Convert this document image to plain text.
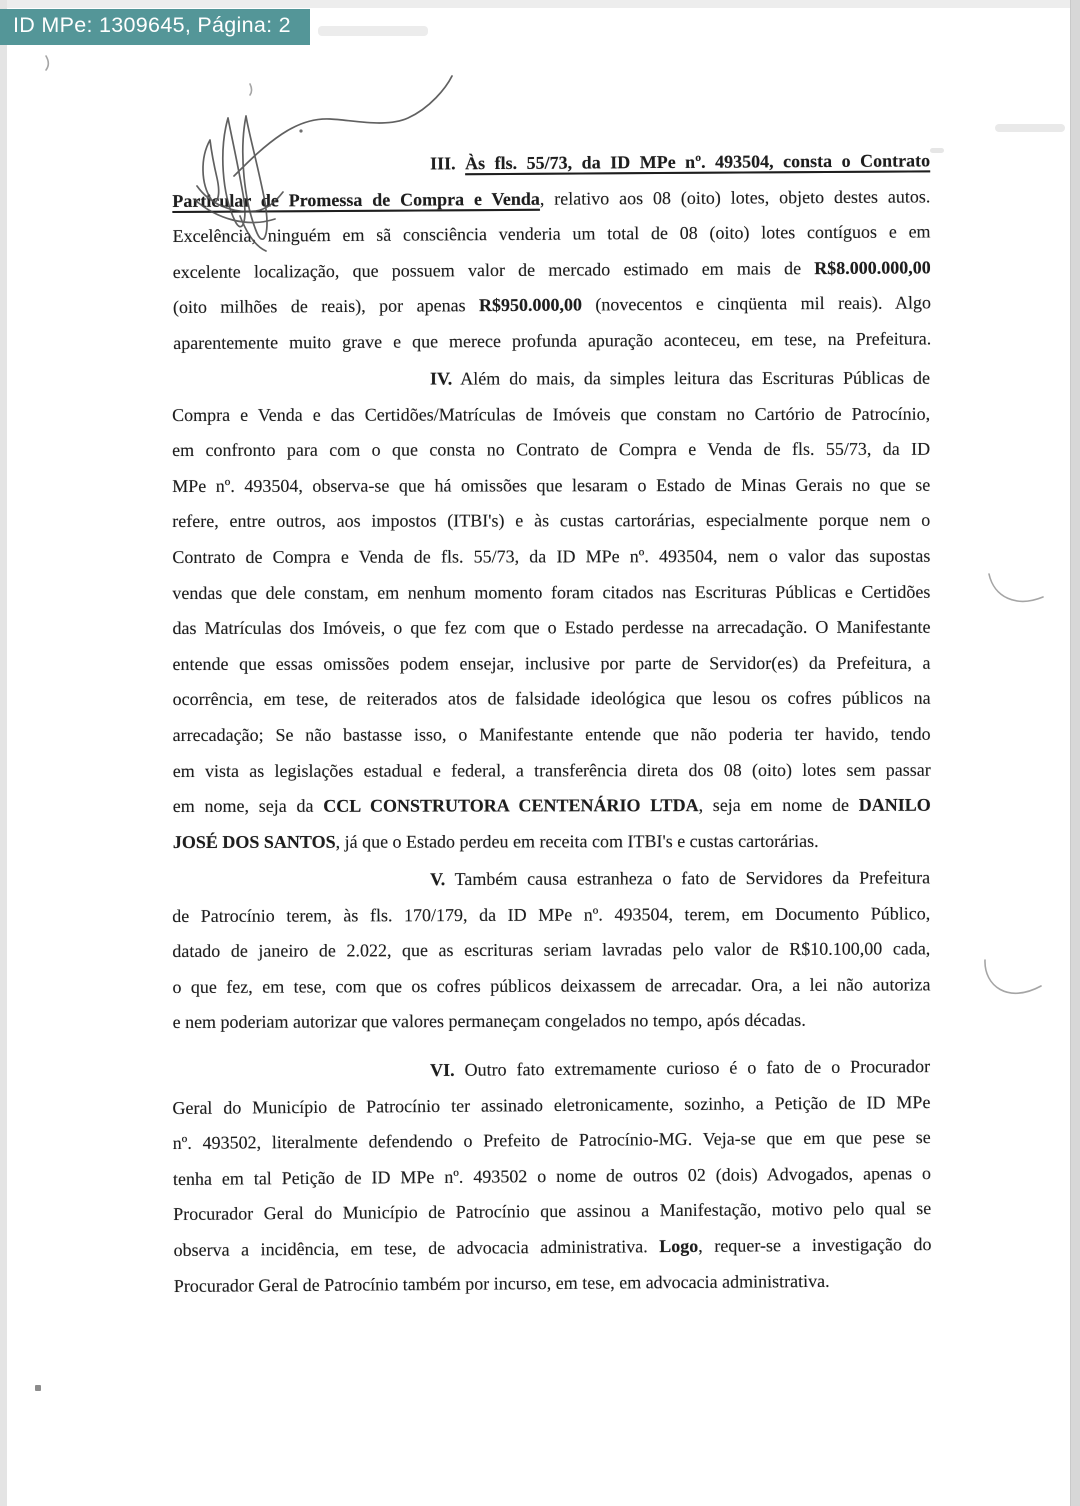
ID MPe: 1309645, Página: 2
III. Às fls. 55/73, da ID MPe nº. 493504, consta o Contrato
Particular de Promessa de Compra e Venda, relativo aos 08 (oito) lotes, objeto destes autos.
Excelência, ninguém em sã consciência venderia um total de 08 (oito) lotes contíguos e em
excelente localização, que possuem valor de mercado estimado em mais de R$8.000.000,00
(oito milhões de reais), por apenas R$950.000,00 (novecentos e cinqüenta mil reais). Algo
aparentemente muito grave e que merece profunda apuração aconteceu, em tese, na Prefeitura.
IV. Além do mais, da simples leitura das Escrituras Públicas de
Compra e Venda e das Certidões/Matrículas de Imóveis que constam no Cartório de Patrocínio,
em confronto para com o que consta no Contrato de Compra e Venda de fls. 55/73, da ID
MPe nº. 493504, observa-se que há omissões que lesaram o Estado de Minas Gerais no que se
refere, entre outros, aos impostos (ITBI's) e às custas cartorárias, especialmente porque nem o
Contrato de Compra e Venda de fls. 55/73, da ID MPe nº. 493504, nem o valor das supostas
vendas que dele constam, em nenhum momento foram citados nas Escrituras Públicas e Certidões
das Matrículas dos Imóveis, o que fez com que o Estado perdesse na arrecadação. O Manifestante
entende que essas omissões podem ensejar, inclusive por parte de Servidor(es) da Prefeitura, a
ocorrência, em tese, de reiterados atos de falsidade ideológica que lesou os cofres públicos na
arrecadação; Se não bastasse isso, o Manifestante entende que não poderia ter havido, tendo
em vista as legislações estadual e federal, a transferência direta dos 08 (oito) lotes sem passar
em nome, seja da CCL CONSTRUTORA CENTENÁRIO LTDA, seja em nome de DANILO
JOSÉ DOS SANTOS, já que o Estado perdeu em receita com ITBI's e custas cartorárias.
V. Também causa estranheza o fato de Servidores da Prefeitura
de Patrocínio terem, às fls. 170/179, da ID MPe nº. 493504, terem, em Documento Público,
datado de janeiro de 2.022, que as escrituras seriam lavradas pelo valor de R$10.100,00 cada,
o que fez, em tese, com que os cofres públicos deixassem de arrecadar. Ora, a lei não autoriza
e nem poderiam autorizar que valores permaneçam congelados no tempo, após décadas.
VI. Outro fato extremamente curioso é o fato de o Procurador
Geral do Município de Patrocínio ter assinado eletronicamente, sozinho, a Petição de ID MPe
nº. 493502, literalmente defendendo o Prefeito de Patrocínio-MG. Veja-se que em que pese se
tenha em tal Petição de ID MPe nº. 493502 o nome de outros 02 (dois) Advogados, apenas o
Procurador Geral do Município de Patrocínio que assinou a Manifestação, motivo pelo qual se
observa a incidência, em tese, de advocacia administrativa. Logo, requer-se a investigação do
Procurador Geral de Patrocínio também por incurso, em tese, em advocacia administrativa.
